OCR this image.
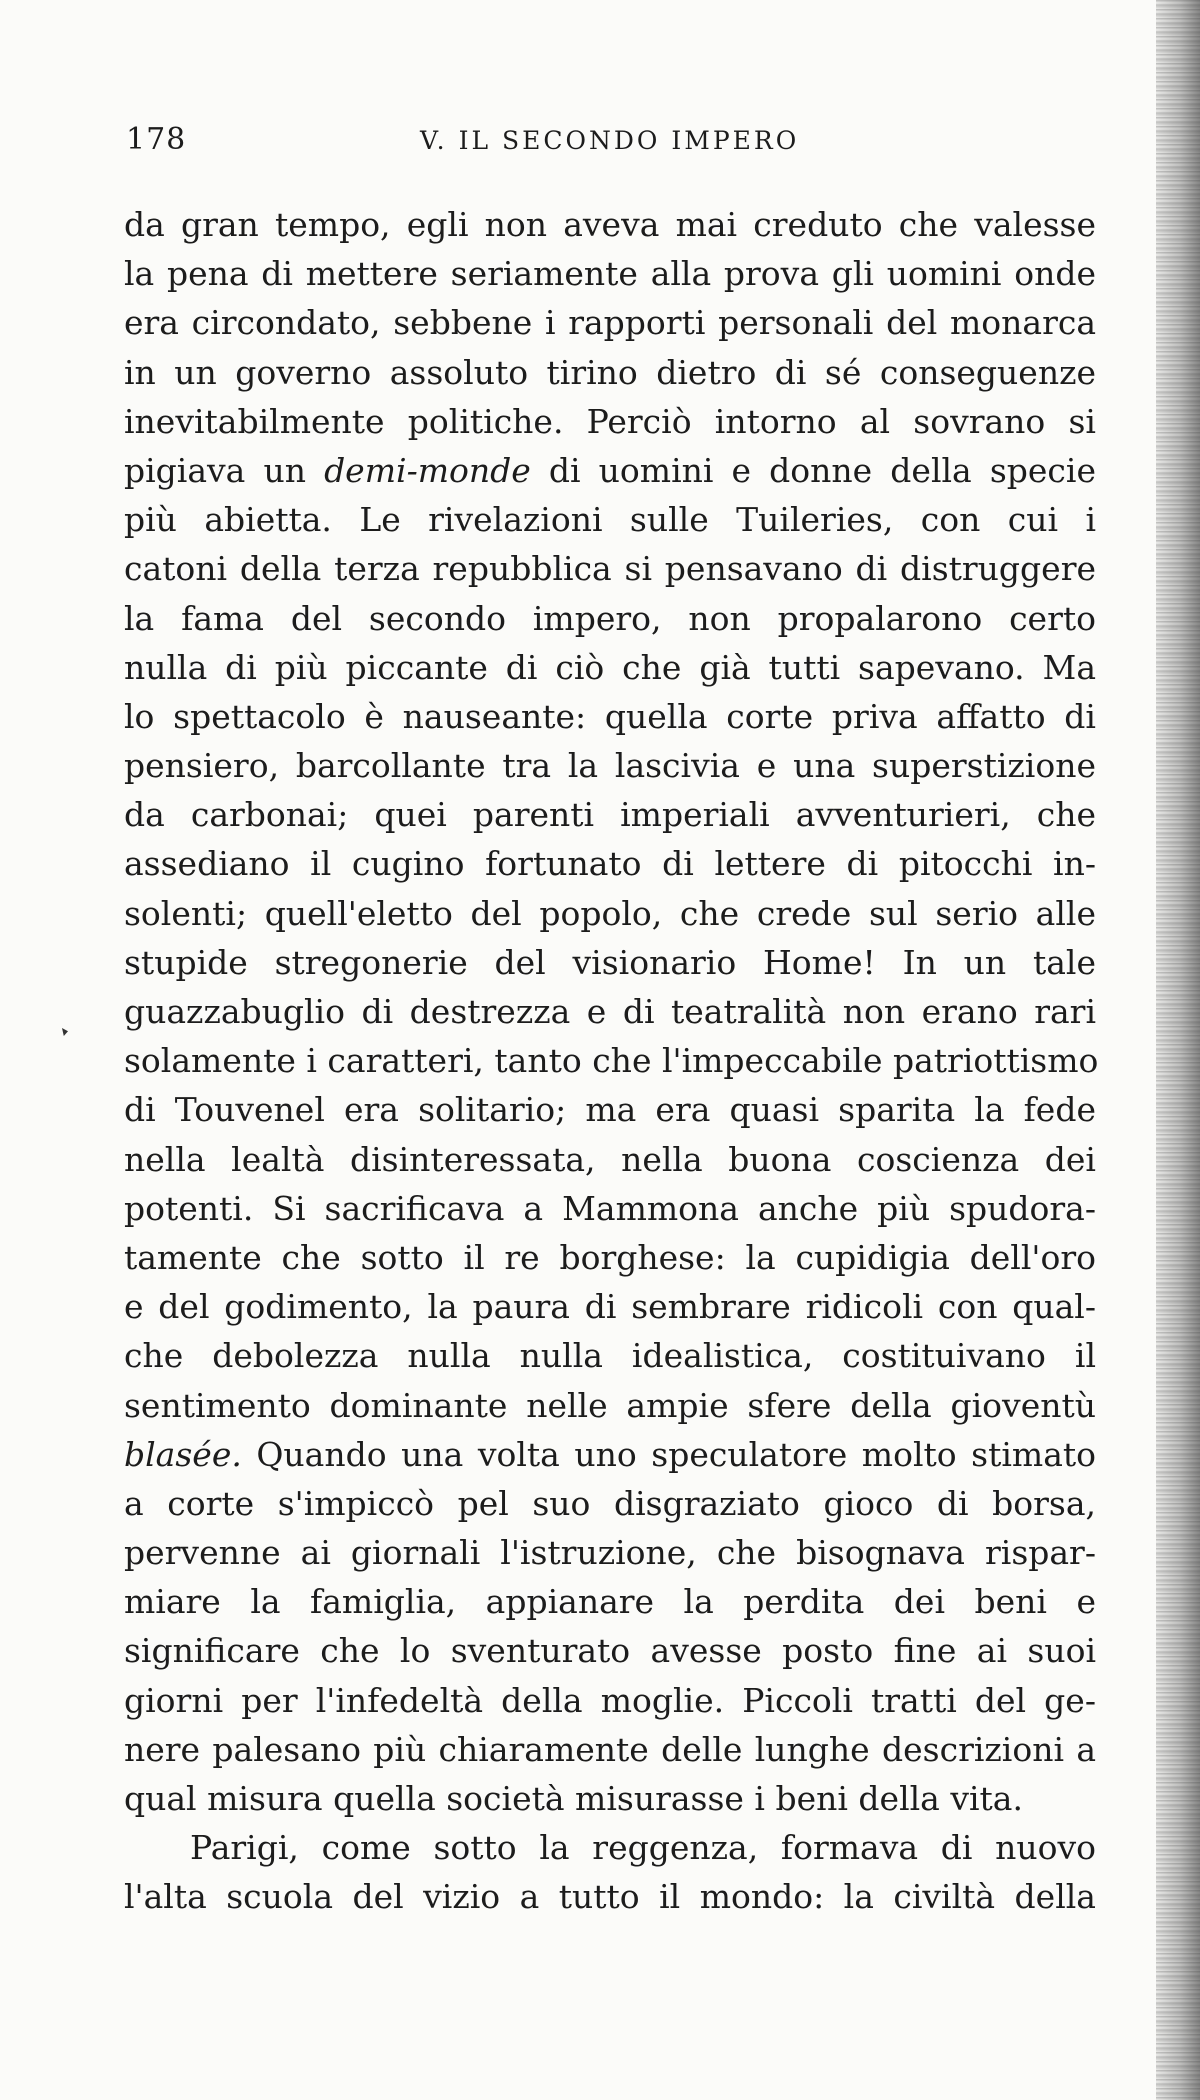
178	V. IL SECONDO IMPERO
da gran tempo, egli non aveva mai creduto che valesse
la pena di mettere seriamente alla prova gli uomini onde
era circondato, sebbene i rapporti personali del monarca
in un governo assoluto tirino dietro di sé conseguenze
inevitabilmente politiche. Perciò intorno al sovrano si
pigiava un demi-monde di uomini e donne della specie
più abietta. Le rivelazioni sulle Tuileries, con cui i
catoni della terza repubblica si pensavano di distruggere
la fama del secondo impero, non propalarono certo
nulla di più piccante di ciò che già tutti sapevano. Ma
lo spettacolo è nauseante: quella corte priva affatto di
pensiero, barcollante tra la lascivia e una superstizione
da carbonai; quei parenti imperiali avventurieri, che
assediano il cugino fortunato di lettere di pitocchi in-
solenti; quell'eletto del popolo, che crede sul serio alle
stupide stregonerie del visionario Home! In un tale
guazzabuglio di destrezza e di teatralità non erano rari
solamente i caratteri, tanto che l'impeccabile patriottismo
di Touvenel era solitario; ma era quasi sparita la fede
nella lealtà disinteressata, nella buona coscienza dei
potenti. Si sacrificava a Mammona anche più spudora-
tamente che sotto il re borghese: la cupidigia dell'oro
e del godimento, la paura di sembrare ridicoli con qual-
che debolezza nulla nulla idealistica, costituivano il
sentimento dominante nelle ampie sfere della gioventù
blasée. Quando una volta uno speculatore molto stimato
a corte s'impiccò pel suo disgraziato gioco di borsa,
pervenne ai giornali l'istruzione, che bisognava rispar-
miare la famiglia, appianare la perdita dei beni e
significare che lo sventurato avesse posto fine ai suoi
giorni per l'infedeltà della moglie. Piccoli tratti del ge-
nere palesano più chiaramente delle lunghe descrizioni a
qual misura quella società misurasse i beni della vita.
Parigi, come sotto la reggenza, formava di nuovo
l'alta scuola del vizio a tutto il mondo: la civiltà della
